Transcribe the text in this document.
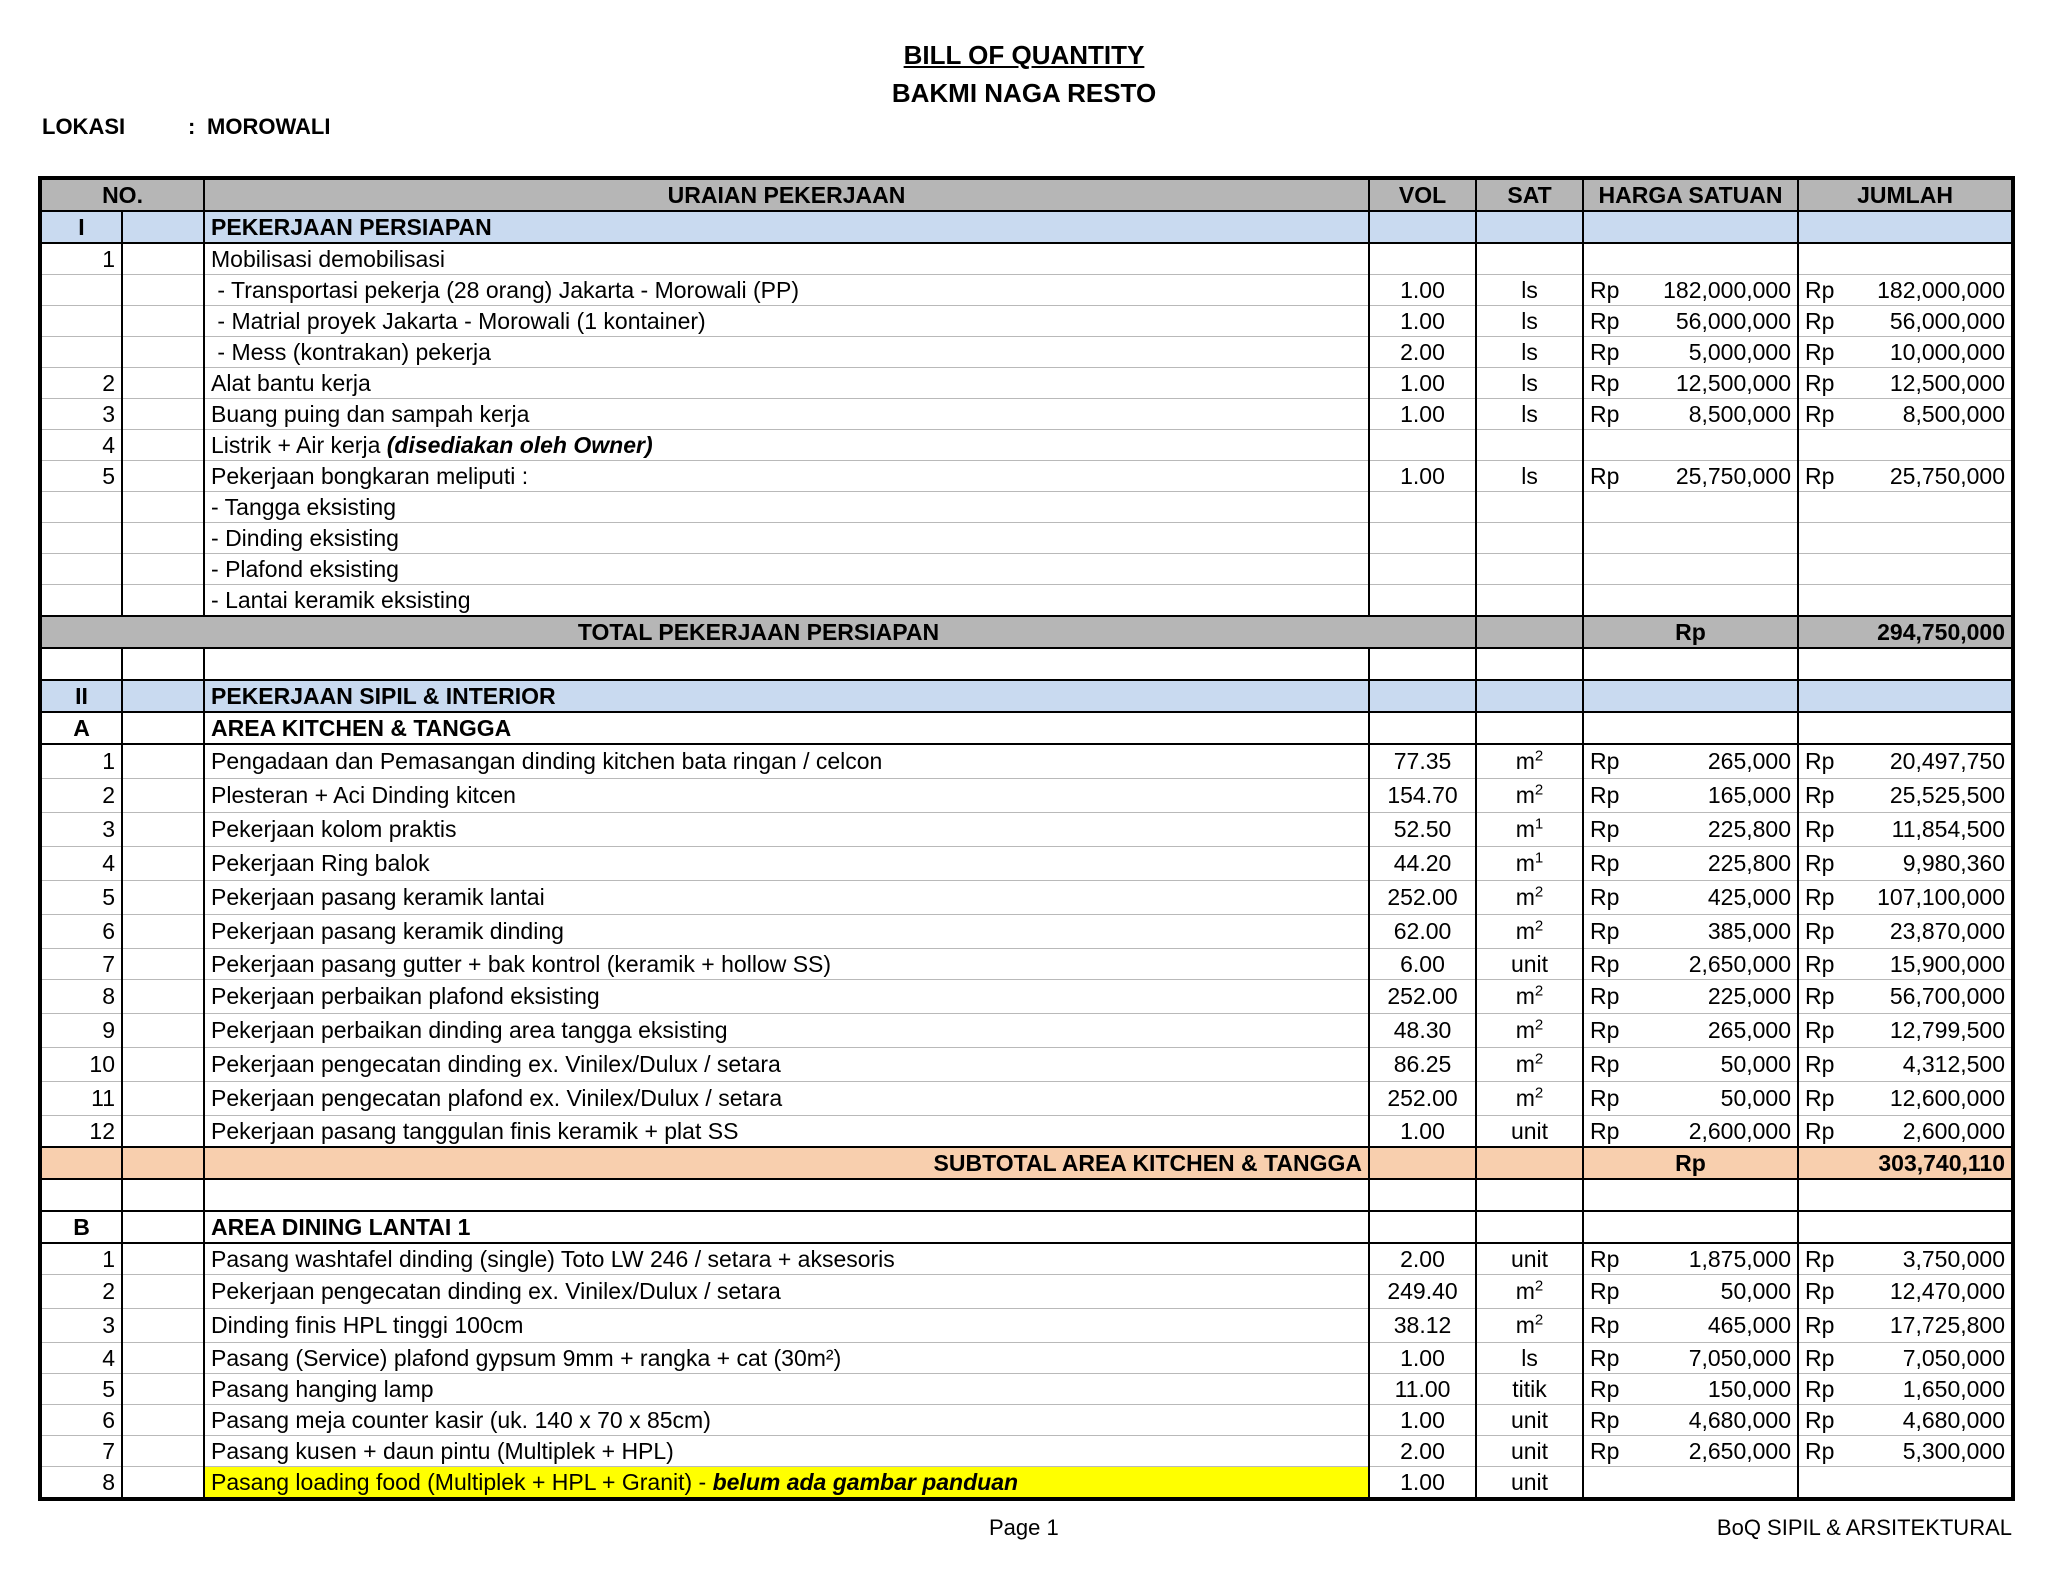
BILL OF QUANTITY
BAKMI NAGA RESTO
LOKASI	: MOROWALI
NO.		URAIAN PEKERJAAN	VOL	SAT	HARGA SATUAN	JUMLAH
I		PEKERJAAN PERSIAPAN				
1		Mobilisasi demobilisasi				
		- Transportasi pekerja (28 orang) Jakarta - Morowali (PP)	1.00	ls	Rp 182,000,000	Rp 182,000,000

		- Matrial proyek Jakarta - Morowali (1 kontainer)	1.00	ls	Rp 56,000,000	Rp 56,000,000

		- Mess (kontrakan) pekerja	2.00	ls	Rp 5,000,000	Rp 10,000,000

2		Alat bantu kerja	1.00	ls	Rp 12,500,000	Rp 12,500,000

3		Buang puing dan sampah kerja	1.00	ls	Rp 8,500,000	Rp 8,500,000

4		Listrik + Air kerja (disediakan oleh Owner)				
5		Pekerjaan bongkaran meliputi :	1.00	ls	Rp 25,750,000	Rp 25,750,000

		- Tangga eksisting				
		- Dinding eksisting				
		- Plafond eksisting				
		- Lantai keramik eksisting				
TOTAL PEKERJAAN PERSIAPAN					Rp	294,750,000

II		PEKERJAAN SIPIL & INTERIOR				
A		AREA KITCHEN & TANGGA				
1		Pengadaan dan Pemasangan dinding kitchen bata ringan / celcon	77.35	$m^2$	Rp 265,000	Rp 20,497,750

2		Plesteran + Aci Dinding kitcen	154.70	$m^2$	Rp 165,000	Rp 25,525,500

3		Pekerjaan kolom praktis	52.50	$m^1$	Rp 225,800	Rp 11,854,500

4		Pekerjaan Ring balok	44.20	$m^1$	Rp 225,800	Rp 9,980,360

5		Pekerjaan pasang keramik lantai	252.00	$m^2$	Rp 425,000	Rp 107,100,000

6		Pekerjaan pasang keramik dinding	62.00	$m^2$	Rp 385,000	Rp 23,870,000

7		Pekerjaan pasang gutter + bak kontrol (keramik + hollow SS)	6.00	unit	Rp 2,650,000	Rp 15,900,000

8		Pekerjaan perbaikan plafond eksisting	252.00	$m^2$	Rp 225,000	Rp 56,700,000

9		Pekerjaan perbaikan dinding area tangga eksisting	48.30	$m^2$	Rp 265,000	Rp 12,799,500

10		Pekerjaan pengecatan dinding ex. Vinilex/Dulux / setara	86.25	$m^2$	Rp 50,000	Rp 4,312,500

11		Pekerjaan pengecatan plafond ex. Vinilex/Dulux / setara	252.00	$m^2$	Rp 50,000	Rp 12,600,000

12		Pekerjaan pasang tanggulan finis keramik + plat SS	1.00	unit	Rp 2,600,000	Rp 2,600,000

		SUBTOTAL AREA KITCHEN & TANGGA			Rp	303,740,110

B		AREA DINING LANTAI 1				
1		Pasang washtafel dinding (single) Toto LW 246 / setara + aksesoris	2.00	unit	Rp 1,875,000	Rp 3,750,000

2		Pekerjaan pengecatan dinding ex. Vinilex/Dulux / setara	249.40	$m^2$	Rp 50,000	Rp 12,470,000

3		Dinding finis HPL tinggi 100cm	38.12	$m^2$	Rp 465,000	Rp 17,725,800

4		Pasang (Service) plafond gypsum 9mm + rangka + cat (30m²)	1.00	ls	Rp 7,050,000	Rp 7,050,000

5		Pasang hanging lamp	11.00	titik	Rp 150,000	Rp 1,650,000

6		Pasang meja counter kasir (uk. 140 x 70 x 85cm)	1.00	unit	Rp 4,680,000	Rp 4,680,000

7		Pasang kusen + daun pintu (Multiplek + HPL)	2.00	unit	Rp 2,650,000	Rp 5,300,000

8		Pasang loading food (Multiplek + HPL + Granit) - belum ada gambar panduan	1.00	unit		
Page 1	BoQ SIPIL & ARSITEKTURAL
